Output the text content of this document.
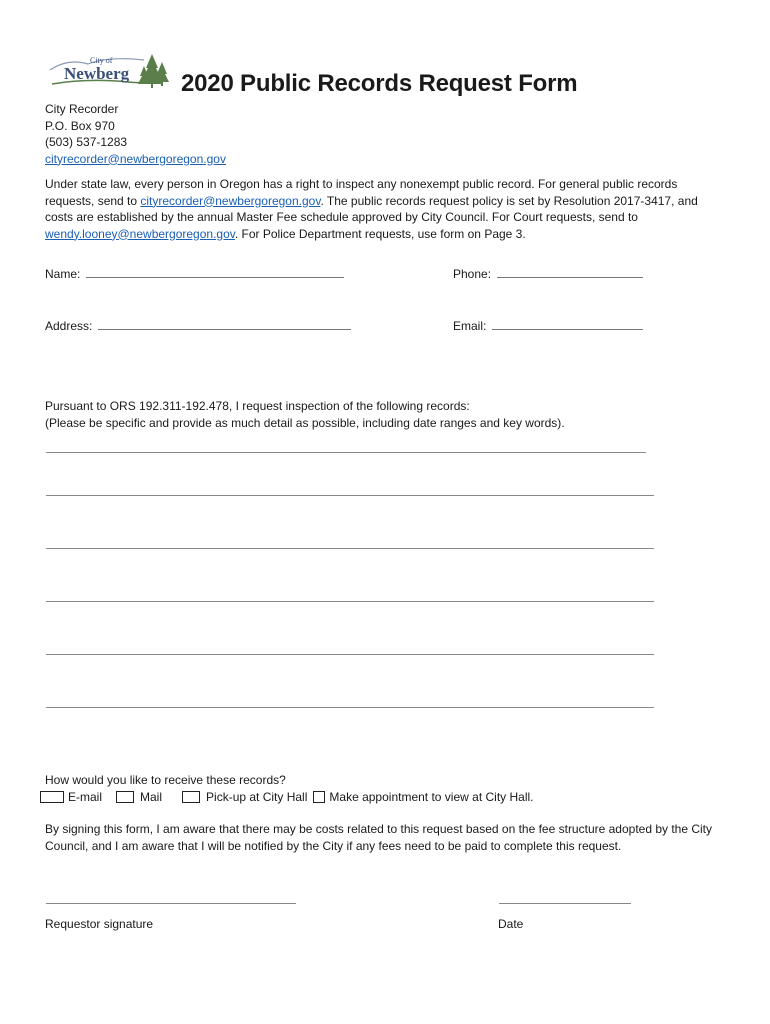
City of
Newberg 2020 Public Records Request Form
City Recorder
P.O. Box 970
(503) 537-1283
cityrecorder@newbergoregon.gov
Under state law, every person in Oregon has a right to inspect any nonexempt public record. For general public records requests, send to cityrecorder@newbergoregon.gov. The public records request policy is set by Resolution 2017-3417, and costs are established by the annual Master Fee schedule approved by City Council. For Court requests, send to wendy.looney@newbergoregon.gov. For Police Department requests, use form on Page 3.
Name:	Phone:
Address:	Email:
Pursuant to ORS 192.311-192.478, I request inspection of the following records:
(Please be specific and provide as much detail as possible, including date ranges and key words).
How would you like to receive these records?
E-mail	Mail	Pick-up at City Hall Make appointment to view at City Hall.
By signing this form, I am aware that there may be costs related to this request based on the fee structure adopted by the City Council, and I am aware that I will be notified by the City if any fees need to be paid to complete this request.
Requestor signature	Date
